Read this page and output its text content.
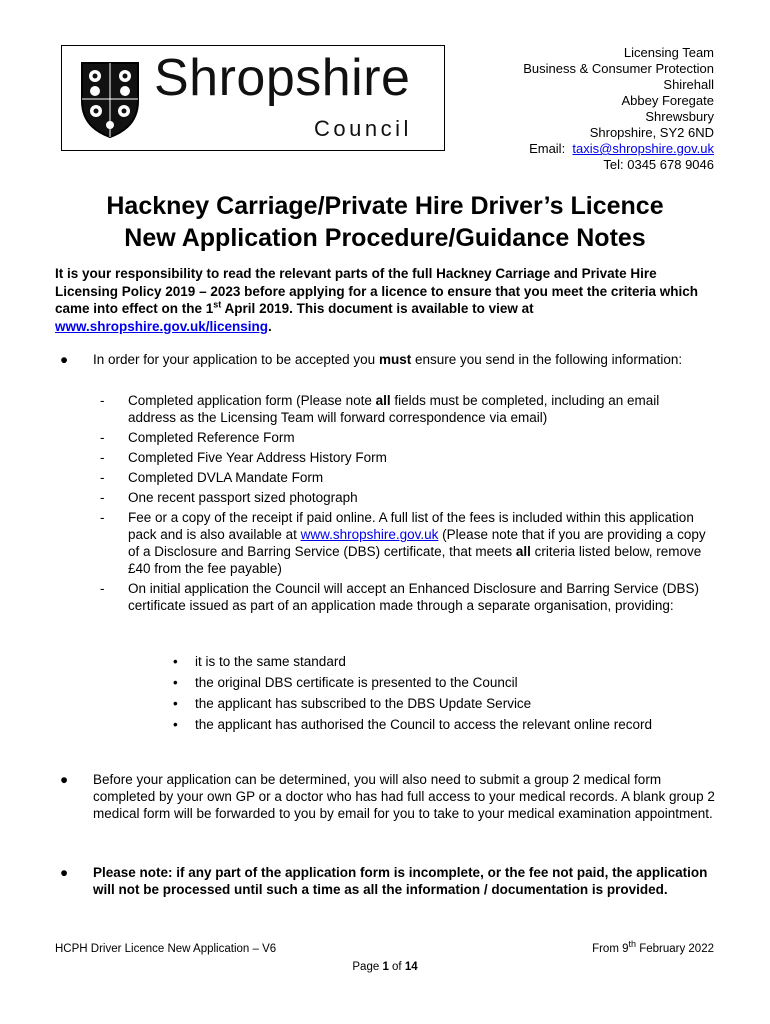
Shropshire
Council
Licensing Team
Business & Consumer Protection
Shirehall
Abbey Foregate
Shrewsbury
Shropshire, SY2 6ND
Email: taxis@shropshire.gov.uk
Tel: 0345 678 9046
Hackney Carriage/Private Hire Driver’s Licence
New Application Procedure/Guidance Notes
It is your responsibility to read the relevant parts of the full Hackney Carriage and Private Hire Licensing Policy 2019 – 2023 before applying for a licence to ensure that you meet the criteria which came into effect on the 1st April 2019. This document is available to view at www.shropshire.gov.uk/licensing.
● In order for your application to be accepted you must ensure you send in the following information:
- Completed application form (Please note all fields must be completed, including an email address as the Licensing Team will forward correspondence via email)
- Completed Reference Form
- Completed Five Year Address History Form
- Completed DVLA Mandate Form
- One recent passport sized photograph
- Fee or a copy of the receipt if paid online. A full list of the fees is included within this application pack and is also available at www.shropshire.gov.uk (Please note that if you are providing a copy of a Disclosure and Barring Service (DBS) certificate, that meets all criteria listed below, remove £40 from the fee payable)
- On initial application the Council will accept an Enhanced Disclosure and Barring Service (DBS) certificate issued as part of an application made through a separate organisation, providing:
• it is to the same standard
• the original DBS certificate is presented to the Council
• the applicant has subscribed to the DBS Update Service
• the applicant has authorised the Council to access the relevant online record
● Before your application can be determined, you will also need to submit a group 2 medical form completed by your own GP or a doctor who has had full access to your medical records. A blank group 2 medical form will be forwarded to you by email for you to take to your medical examination appointment.
● Please note: if any part of the application form is incomplete, or the fee not paid, the application will not be processed until such a time as all the information / documentation is provided.
HCPH Driver Licence New Application – V6	From 9th February 2022
Page 1 of 14
